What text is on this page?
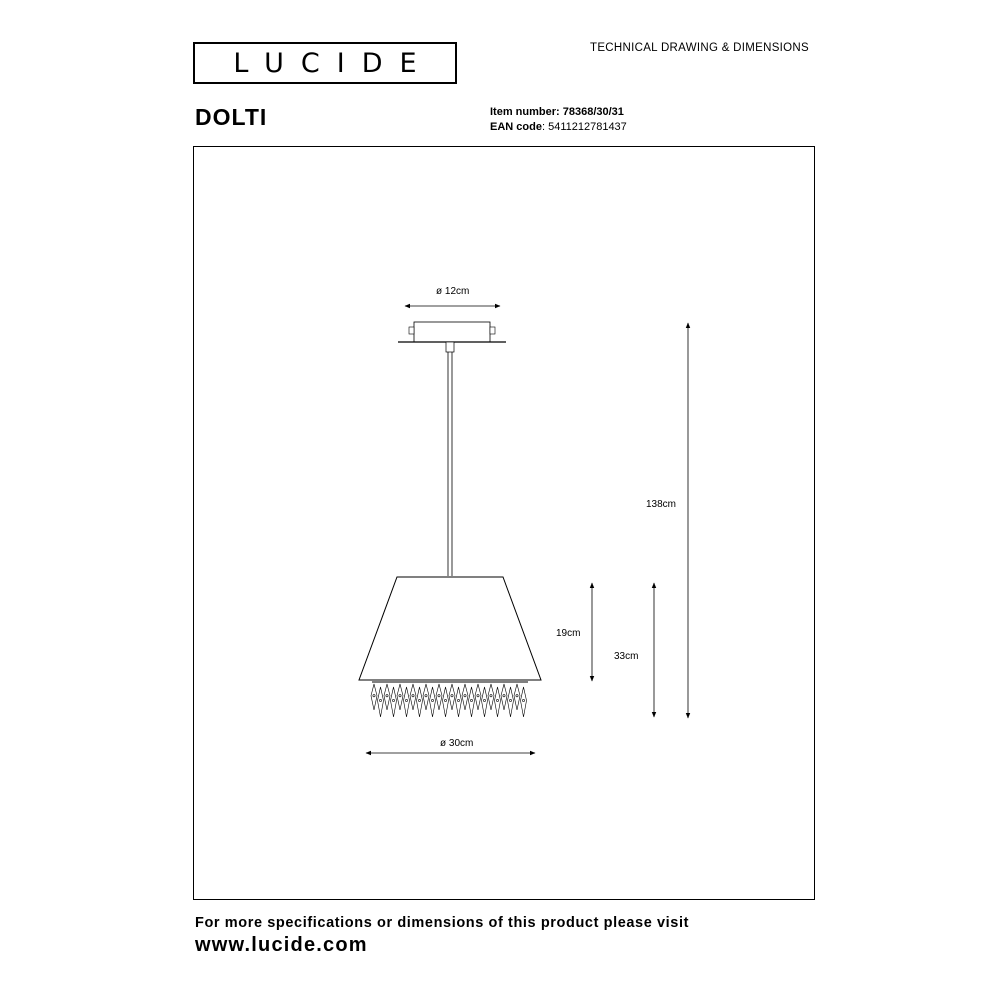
LUCIDE	TECHNICAL DRAWING & DIMENSIONS
DOLTI	Item number: 78368/30/31
EAN code: 5411212781437
ø 12cm
138cm
19cm
33cm
ø 30cm
For more specifications or dimensions of this product please visit
www.lucide.com
